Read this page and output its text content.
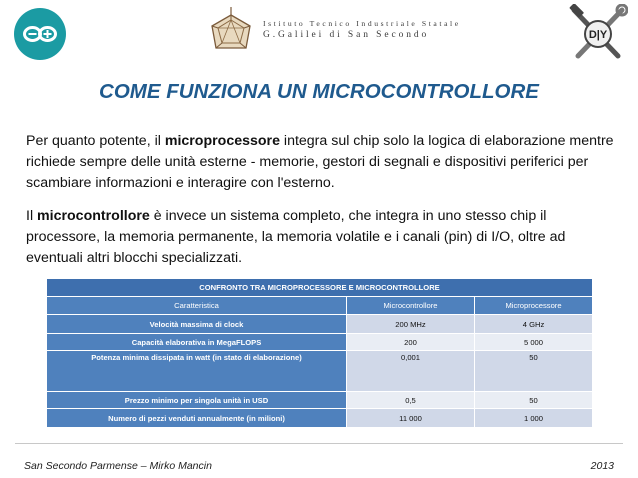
Istituto Tecnico Industriale Statale
G.Galilei di San Secondo	D|Y
COME FUNZIONA UN MICROCONTROLLORE

Per quanto potente, il microprocessore integra sul chip solo la logica di elaborazione mentre richiede sempre delle unità esterne - memorie, gestori di segnali e dispositivi periferici per scambiare informazioni e interagire con l'esterno.

Il microcontrollore è invece un sistema completo, che integra in uno stesso chip il processore, la memoria permanente, la memoria volatile e i canali (pin) di I/O, oltre ad eventuali altri blocchi specializzati.

CONFRONTO TRA MICROPROCESSORE E MICROCONTROLLORE		
Caratteristica	Microcontrollore	Microprocessore
Velocità massima di clock	200 MHz	4 GHz
Capacità elaborativa in MegaFLOPS	200	5 000
Potenza minima dissipata in watt (in stato di elaborazione)	0,001	50
Prezzo minimo per singola unità in USD	0,5	50
Numero di pezzi venduti annualmente (in milioni)	11 000	1 000
San Secondo Parmense – Mirko Mancin	2013
